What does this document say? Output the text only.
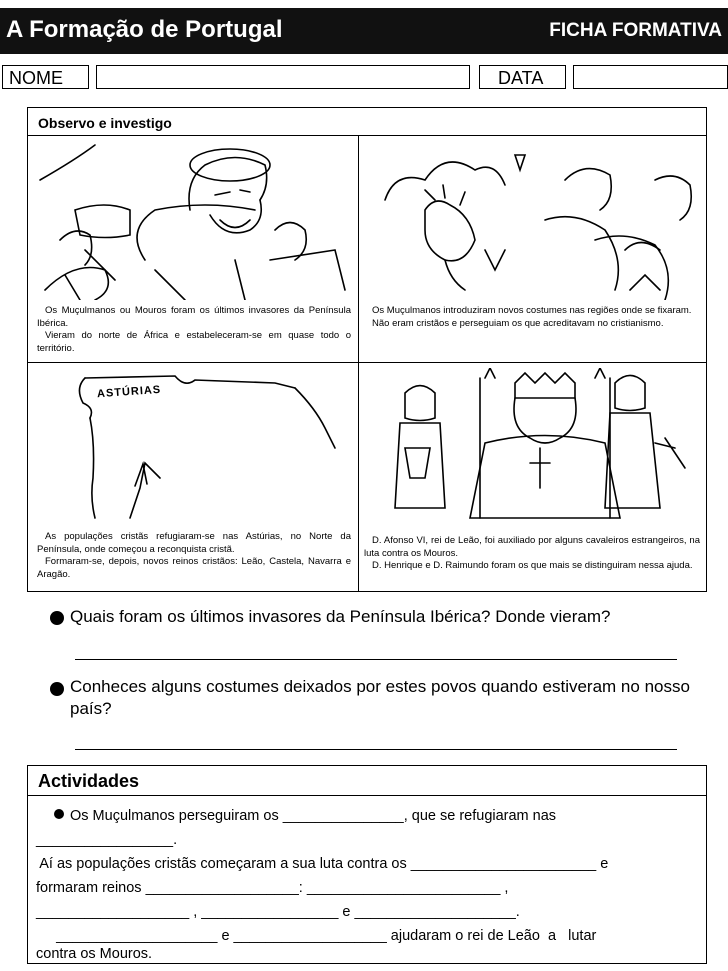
A Formação de Portugal	FICHA FORMATIVA
NOME	DATA
Observo e investigo

Os Muçulmanos ou Mouros foram os últimos invasores da Península Ibérica.

Vieram do norte de África e estabeleceram-se em quase todo o território.

Os Muçulmanos introduziram novos costumes nas regiões onde se fixaram.

Não eram cristãos e perseguiam os que acreditavam no cristianismo.

ASTÚRIAS

As populações cristãs refugiaram-se nas Astúrias, no Norte da Península, onde começou a reconquista cristã.

Formaram-se, depois, novos reinos cristãos: Leão, Castela, Navarra e Aragão.

D. Afonso VI, rei de Leão, foi auxiliado por alguns cavaleiros estrangeiros, na luta contra os Mouros.

D. Henrique e D. Raimundo foram os que mais se distinguiram nessa ajuda.

Quais foram os últimos invasores da Península Ibérica? Donde vieram?
Conheces alguns costumes deixados por estes povos quando estiveram no nosso país?
Actividades
Os Muçulmanos perseguiram os _______________, que se refugiaram nas
_________________.
Aí as populações cristãs começaram a sua luta contra os _______________________ e
formaram reinos ___________________: ________________________ ,
___________________ , _________________ e ____________________.
____________________ e ___________________ ajudaram o rei de Leão  a   lutar
contra os Mouros.
